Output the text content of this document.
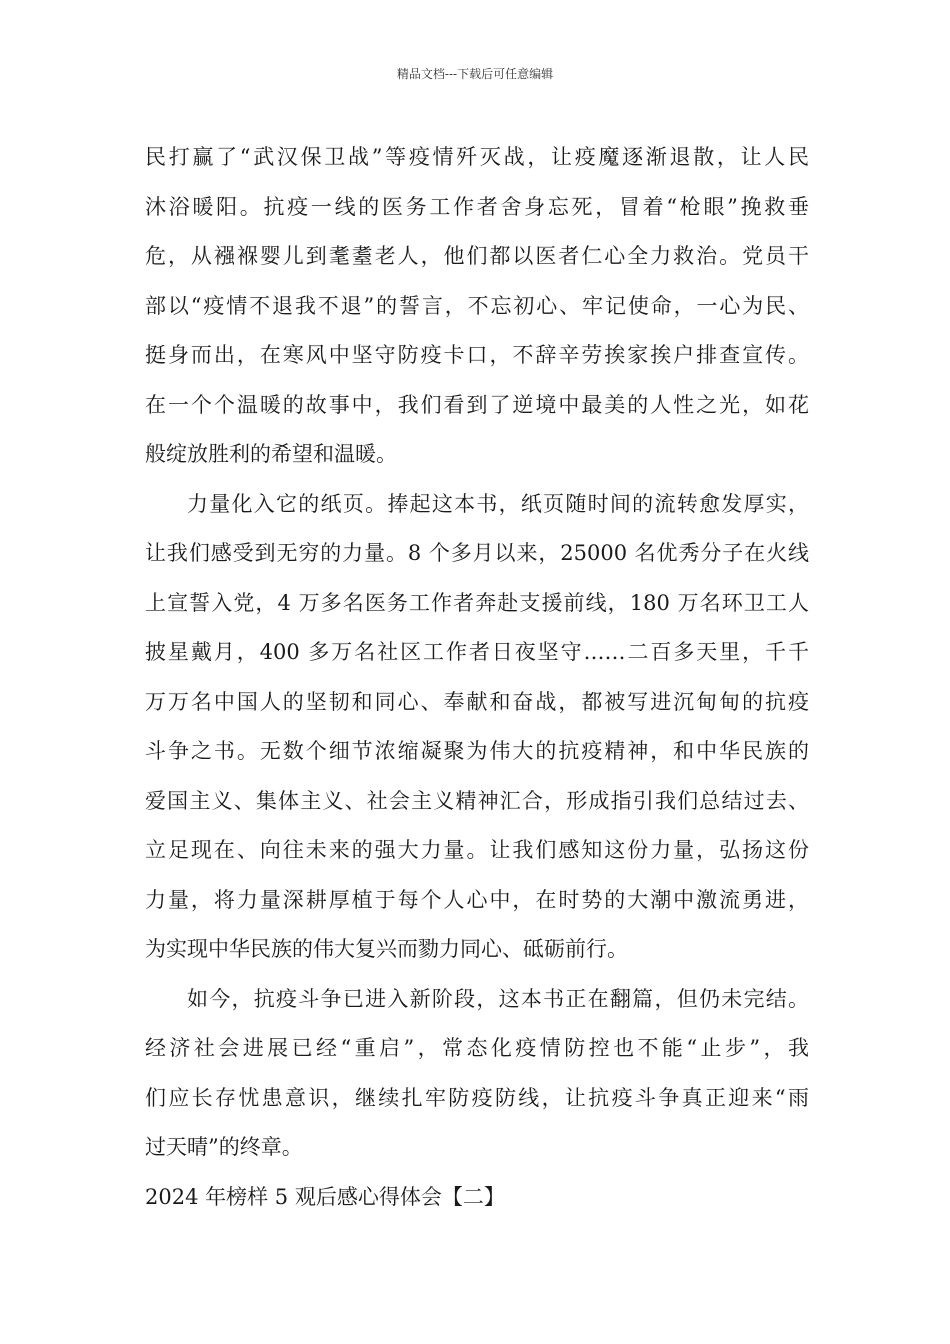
精品文档---下载后可任意编辑

民打赢了“武汉保卫战”等疫情歼灭战，让疫魔逐渐退散，让人民
沐浴暖阳。抗疫一线的医务工作者舍身忘死，冒着“枪眼”挽救垂
危，从襁褓婴儿到耄耋老人，他们都以医者仁心全力救治。党员干
部以“疫情不退我不退”的誓言，不忘初心、牢记使命，一心为民、
挺身而出，在寒风中坚守防疫卡口，不辞辛劳挨家挨户排查宣传。
在一个个温暖的故事中，我们看到了逆境中最美的人性之光，如花
般绽放胜利的希望和温暖。

力量化入它的纸页。捧起这本书，纸页随时间的流转愈发厚实，
让我们感受到无穷的力量。8 个多月以来，25000 名优秀分子在火线
上宣誓入党，4 万多名医务工作者奔赴支援前线，180 万名环卫工人
披星戴月，400 多万名社区工作者日夜坚守……二百多天里，千千
万万名中国人的坚韧和同心、奉献和奋战，都被写进沉甸甸的抗疫
斗争之书。无数个细节浓缩凝聚为伟大的抗疫精神，和中华民族的
爱国主义、集体主义、社会主义精神汇合，形成指引我们总结过去、
立足现在、向往未来的强大力量。让我们感知这份力量，弘扬这份
力量，将力量深耕厚植于每个人心中，在时势的大潮中激流勇进，
为实现中华民族的伟大复兴而勠力同心、砥砺前行。

如今，抗疫斗争已进入新阶段，这本书正在翻篇，但仍未完结。
经济社会进展已经“重启”，常态化疫情防控也不能“止步”，我
们应长存忧患意识，继续扎牢防疫防线，让抗疫斗争真正迎来“雨
过天晴”的终章。

2024 年榜样 5 观后感心得体会【二】
